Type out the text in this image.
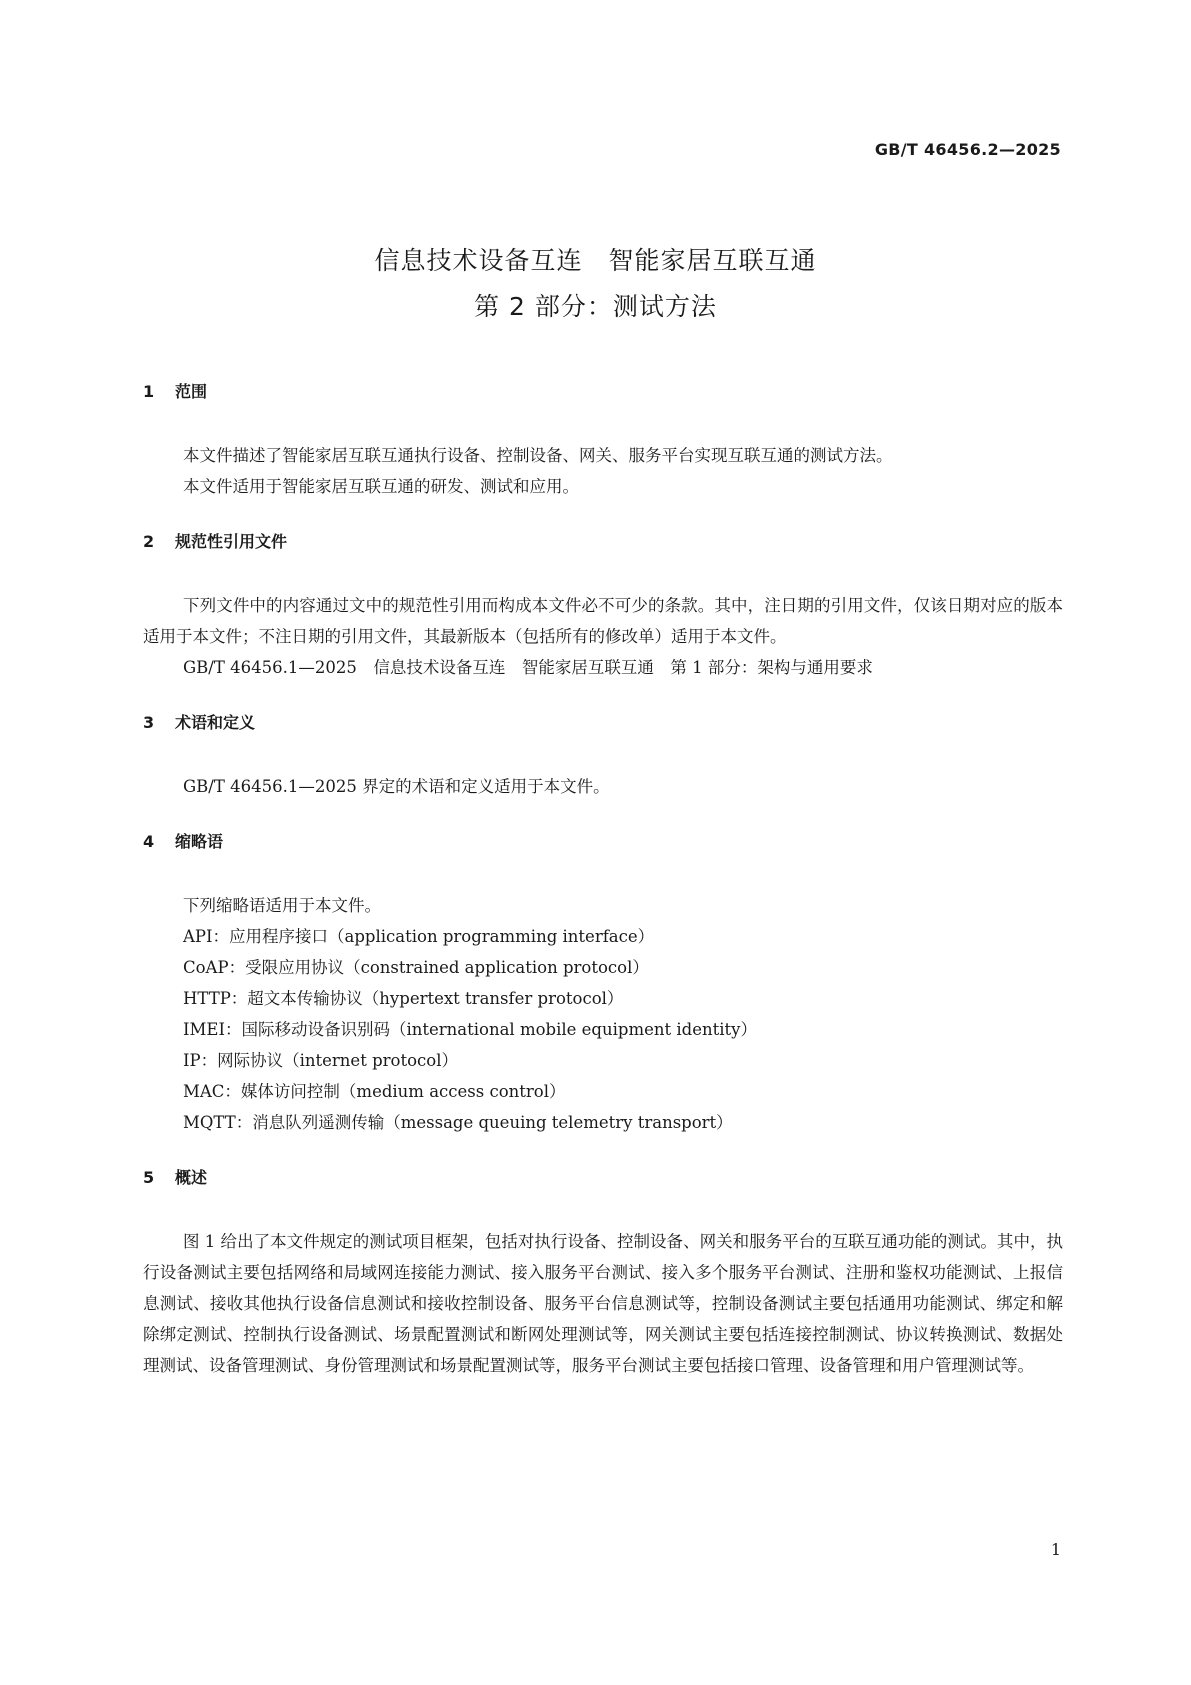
GB/T 46456.2—2025
信息技术设备互连　智能家居互联互通
第 2 部分：测试方法
1	范围

本文件描述了智能家居互联互通执行设备、控制设备、网关、服务平台实现互联互通的测试方法。

本文件适用于智能家居互联互通的研发、测试和应用。

2	规范性引用文件

下列文件中的内容通过文中的规范性引用而构成本文件必不可少的条款。其中，注日期的引用文件，仅该日期对应的版本适用于本文件；不注日期的引用文件，其最新版本（包括所有的修改单）适用于本文件。

GB/T 46456.1—2025　信息技术设备互连　智能家居互联互通　第 1 部分：架构与通用要求
3	术语和定义

GB/T 46456.1—2025 界定的术语和定义适用于本文件。

4	缩略语
下列缩略语适用于本文件。
API：应用程序接口（application programming interface）
CoAP：受限应用协议（constrained application protocol）
HTTP：超文本传输协议（hypertext transfer protocol）
IMEI：国际移动设备识别码（international mobile equipment identity）
IP：网际协议（internet protocol）
MAC：媒体访问控制（medium access control）
MQTT：消息队列遥测传输（message queuing telemetry transport）
5	概述

图 1 给出了本文件规定的测试项目框架，包括对执行设备、控制设备、网关和服务平台的互联互通功能的测试。其中，执行设备测试主要包括网络和局域网连接能力测试、接入服务平台测试、接入多个服务平台测试、注册和鉴权功能测试、上报信息测试、接收其他执行设备信息测试和接收控制设备、服务平台信息测试等，控制设备测试主要包括通用功能测试、绑定和解除绑定测试、控制执行设备测试、场景配置测试和断网处理测试等，网关测试主要包括连接控制测试、协议转换测试、数据处理测试、设备管理测试、身份管理测试和场景配置测试等，服务平台测试主要包括接口管理、设备管理和用户管理测试等。

1
